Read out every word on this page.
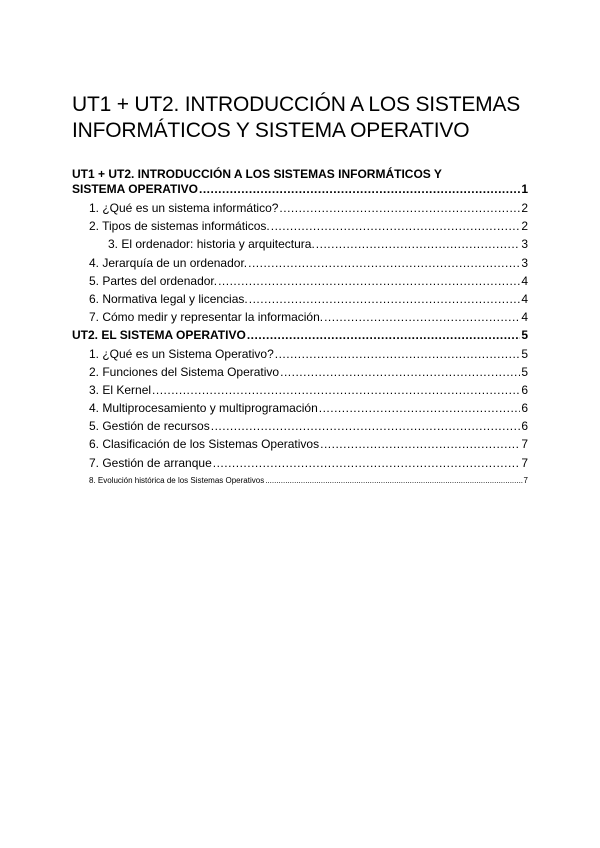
UT1 + UT2. INTRODUCCIÓN A LOS SISTEMAS INFORMÁTICOS Y SISTEMA OPERATIVO
UT1 + UT2. INTRODUCCIÓN A LOS SISTEMAS INFORMÁTICOS Y
SISTEMA OPERATIVO .....	1
1. ¿Qué es un sistema informático? .....	2
2. Tipos de sistemas informáticos. .....	2
3. El ordenador: historia y arquitectura. .....	3
4. Jerarquía de un ordenador. .....	3
5. Partes del ordenador. .....	4
6. Normativa legal y licencias. .....	4
7. Cómo medir y representar la información. .....	4
UT2. EL SISTEMA OPERATIVO .....	5
1. ¿Qué es un Sistema Operativo? .....	5
2. Funciones del Sistema Operativo .....	5
3. El Kernel .....	6
4. Multiprocesamiento y multiprogramación .....	6
5. Gestión de recursos .....	6
6. Clasificación de los Sistemas Operativos .....	7
7. Gestión de arranque .....	7
8. Evolución histórica de los Sistemas Operativos .....	7
